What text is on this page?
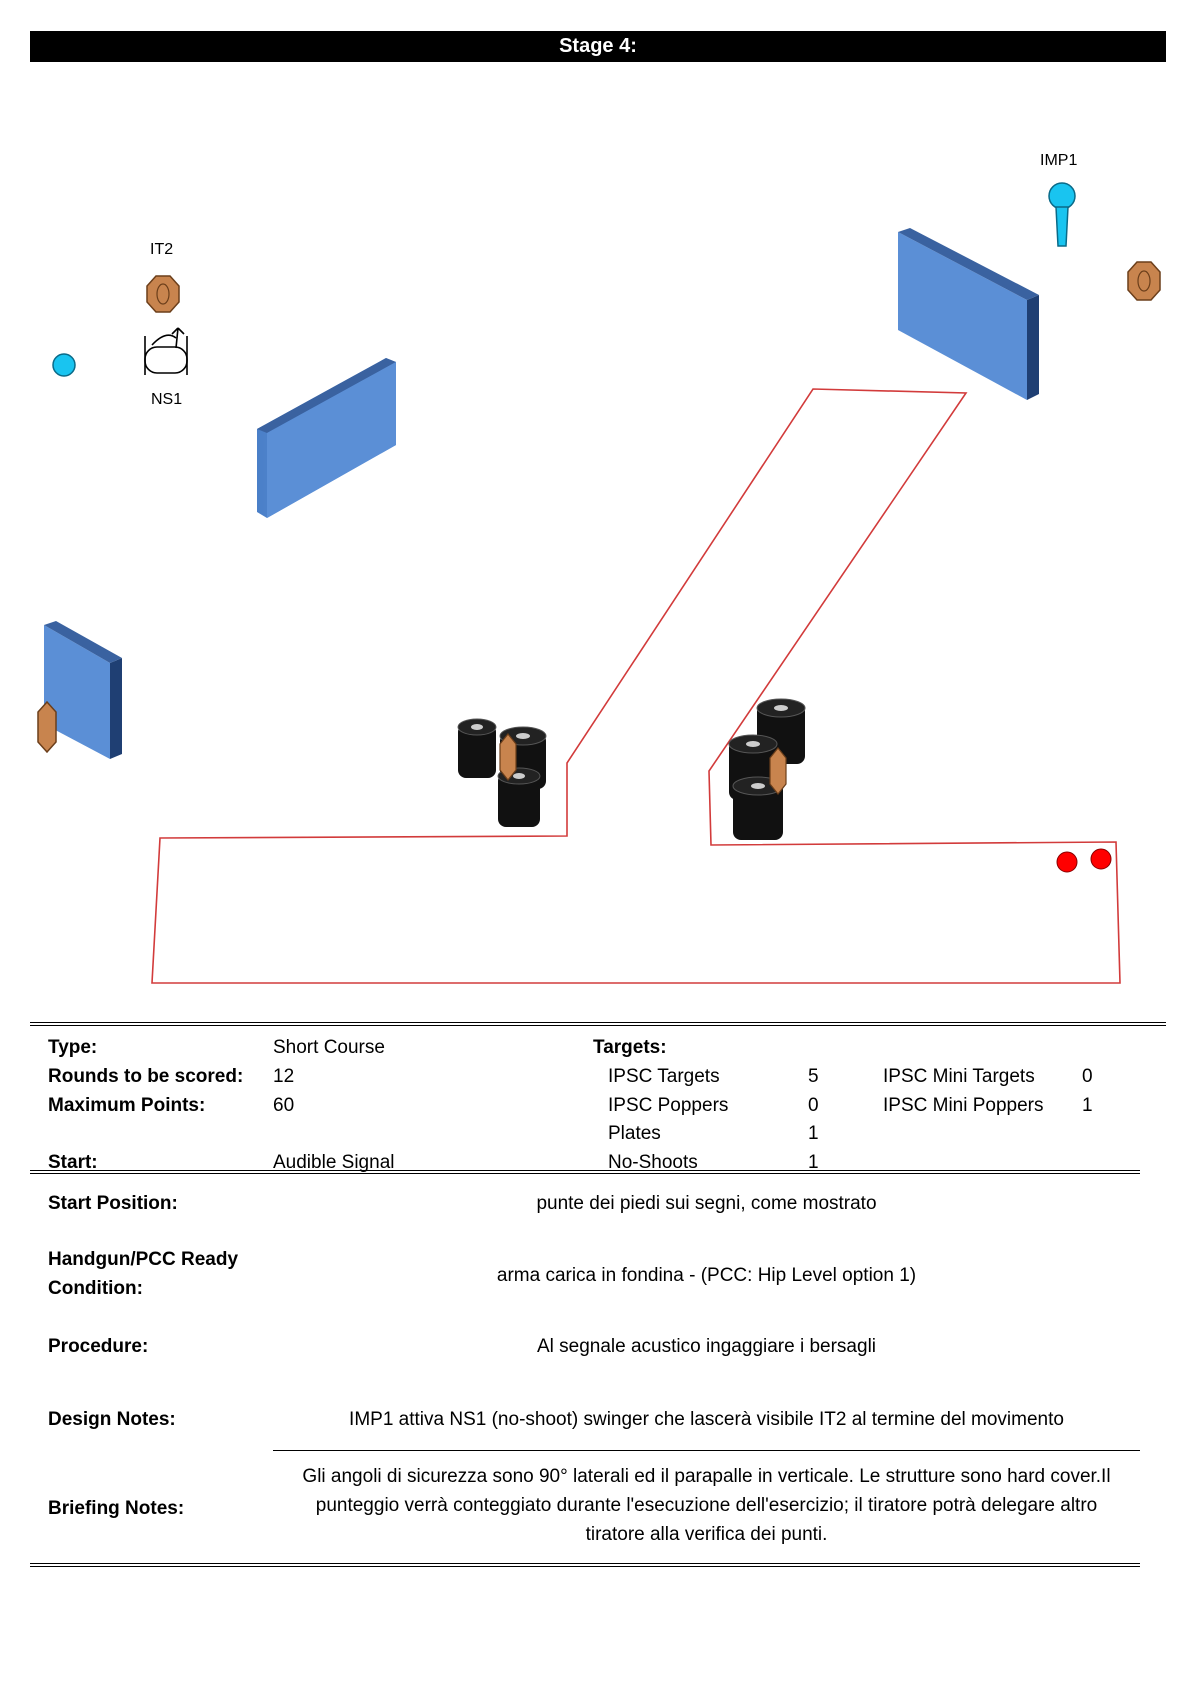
Stage 4:
IMP1
IT2
NS1
Type:	Short Course	Targets:
Rounds to be scored: 12	IPSC Targets	5	IPSC Mini Targets 0
Maximum Points:	60	IPSC Poppers	0	IPSC Mini Poppers 1
Plates	1
Start:	Audible Signal	No-Shoots	1
Start Position:	punte dei piedi sui segni, come mostrato
Handgun/PCC Ready
Condition:
arma carica in fondina - (PCC: Hip Level option 1)
Procedure:	Al segnale acustico ingaggiare i bersagli
Design Notes:	IMP1 attiva NS1 (no-shoot) swinger che lascerà visibile IT2 al termine del movimento
Briefing Notes:
Gli angoli di sicurezza sono 90° laterali ed il parapalle in verticale. Le strutture sono hard cover.Il
punteggio verrà conteggiato durante l'esecuzione dell'esercizio; il tiratore potrà delegare altro
tiratore alla verifica dei punti.
